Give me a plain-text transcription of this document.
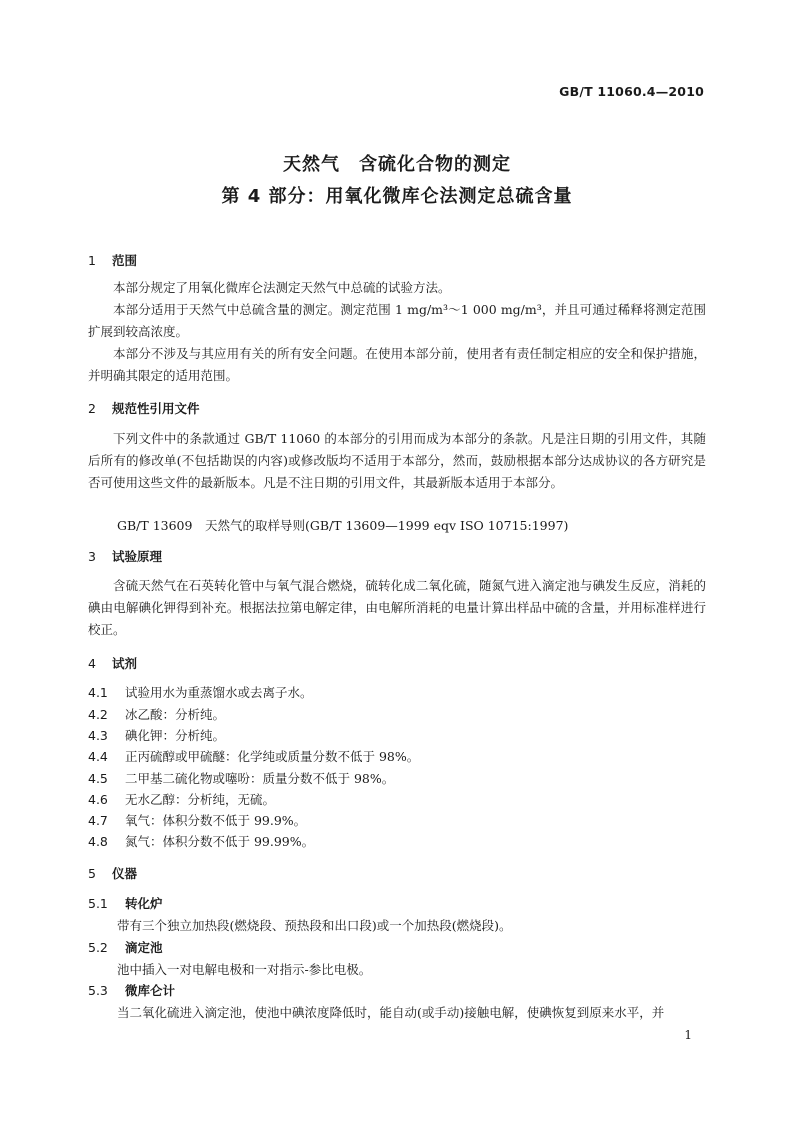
GB/T 11060.4—2010
天然气　含硫化合物的测定
第 4 部分：用氧化微库仑法测定总硫含量
1 范围
本部分规定了用氧化微库仑法测定天然气中总硫的试验方法。
本部分适用于天然气中总硫含量的测定。测定范围 1 mg/m³～1 000 mg/m³，并且可通过稀释将测定范围扩展到较高浓度。
本部分不涉及与其应用有关的所有安全问题。在使用本部分前，使用者有责任制定相应的安全和保护措施，并明确其限定的适用范围。
2 规范性引用文件
下列文件中的条款通过 GB/T 11060 的本部分的引用而成为本部分的条款。凡是注日期的引用文件，其随后所有的修改单(不包括勘误的内容)或修改版均不适用于本部分，然而，鼓励根据本部分达成协议的各方研究是否可使用这些文件的最新版本。凡是不注日期的引用文件，其最新版本适用于本部分。
GB/T 13609　天然气的取样导则(GB/T 13609—1999 eqv ISO 10715:1997)
3 试验原理
含硫天然气在石英转化管中与氧气混合燃烧，硫转化成二氧化硫，随氮气进入滴定池与碘发生反应，消耗的碘由电解碘化钾得到补充。根据法拉第电解定律，由电解所消耗的电量计算出样品中硫的含量，并用标准样进行校正。
4 试剂
4.1 试验用水为重蒸馏水或去离子水。
4.2 冰乙酸：分析纯。
4.3 碘化钾：分析纯。
4.4 正丙硫醇或甲硫醚：化学纯或质量分数不低于 98%。
4.5 二甲基二硫化物或噻吩：质量分数不低于 98%。
4.6 无水乙醇：分析纯，无硫。
4.7 氧气：体积分数不低于 99.9%。
4.8 氮气：体积分数不低于 99.99%。
5 仪器
5.1 转化炉
带有三个独立加热段(燃烧段、预热段和出口段)或一个加热段(燃烧段)。
5.2 滴定池
池中插入一对电解电极和一对指示-参比电极。
5.3 微库仑计
当二氧化硫进入滴定池，使池中碘浓度降低时，能自动(或手动)接触电解，使碘恢复到原来水平，并
1
